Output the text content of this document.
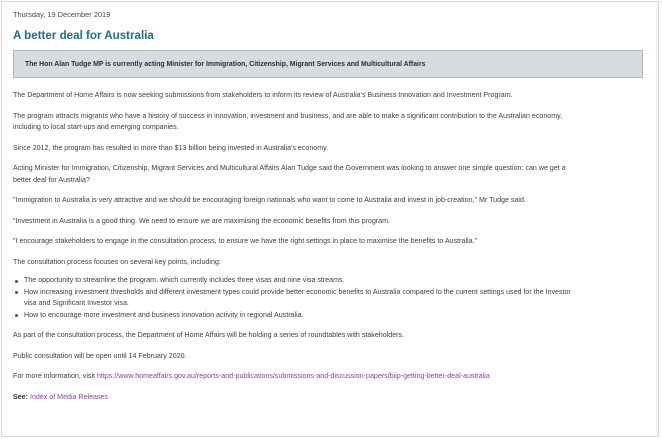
Thursday, 19 December 2019
A better deal for Australia
The Hon Alan Tudge MP is currently acting Minister for Immigration, Citizenship, Migrant Services and Multicultural Affairs

The Department of Home Affairs is now seeking submissions from stakeholders to inform its review of Australia's Business Innovation and Investment Program.

The program attracts migrants who have a history of success in innovation, investment and business, and are able to make a significant contribution to the Australian economy,

including to local start-ups and emerging companies.

Since 2012, the program has resulted in more than $13 billion being invested in Australia's economy.

Acting Minister for Immigration, Citizenship, Migrant Services and Multicultural Affairs Alan Tudge said the Government was looking to answer one simple question: can we get a

better deal for Australia?

"Immigration to Australia is very attractive and we should be encouraging foreign nationals who want to come to Australia and invest in job-creation," Mr Tudge said.

"Investment in Australia is a good thing. We need to ensure we are maximising the economic benefits from this program.

"I encourage stakeholders to engage in the consultation process, to ensure we have the right settings in place to maximise the benefits to Australia."

The consultation process focuses on several key points, including:

The opportunity to streamline the program, which currently includes three visas and nine visa streams.
How increasing investment thresholds and different investment types could provide better economic benefits to Australia compared to the current settings used for the Investor
visa and Significant Investor visa.
How to encourage more investment and business innovation activity in regional Australia.

As part of the consultation process, the Department of Home Affairs will be holding a series of roundtables with stakeholders.

Public consultation will be open until 14 February 2020.

For more information, visit https://www.homeaffairs.gov.au/reports-and-publications/submissions-and-discussion-papers/biip-getting-better-deal-australia

See: Index of Media Releases
